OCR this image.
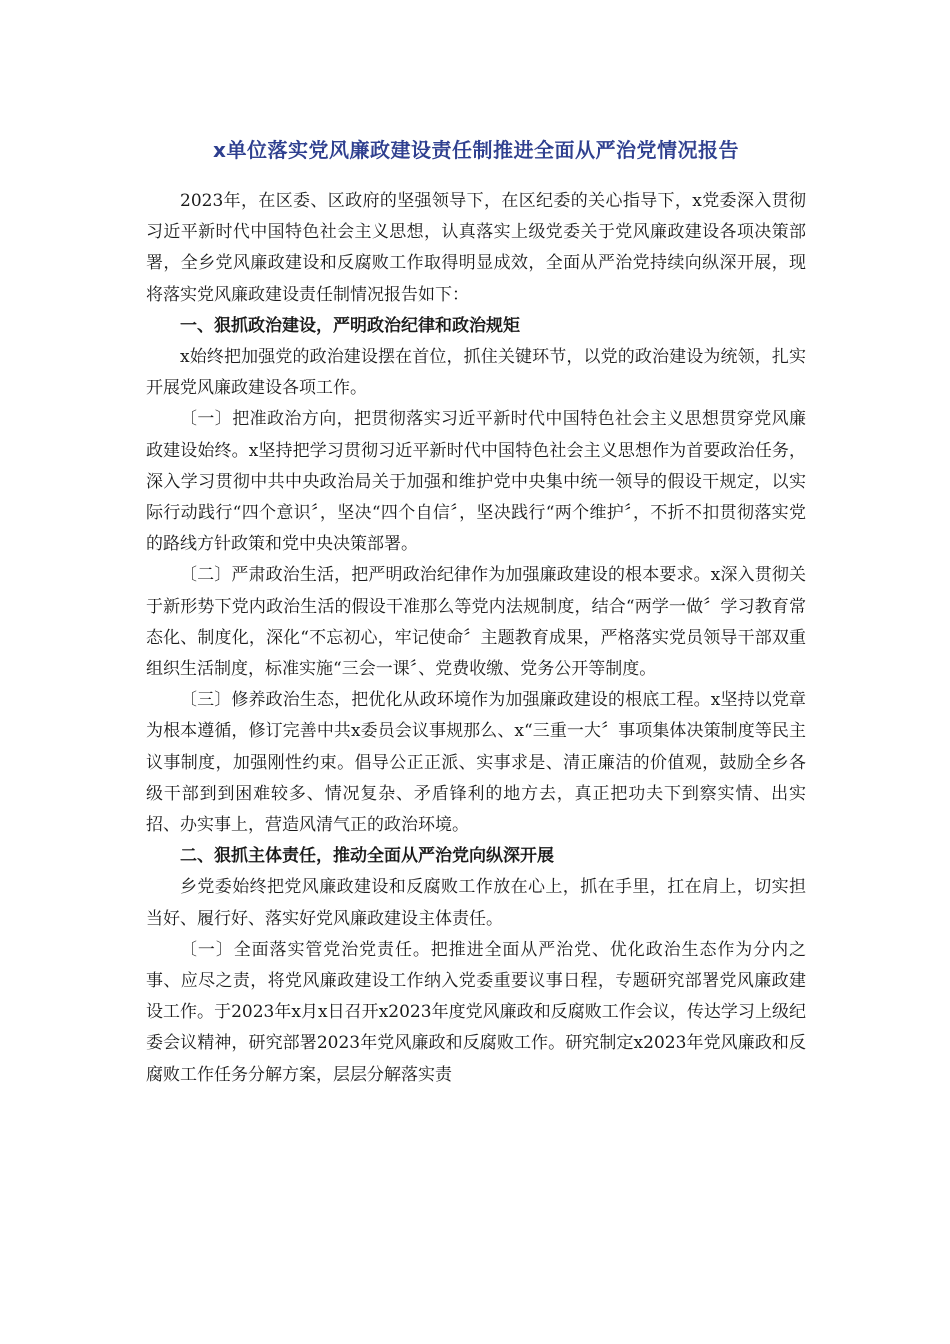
x单位落实党风廉政建设责任制推进全面从严治党情况报告

2023年，在区委、区政府的坚强领导下，在区纪委的关心指导下，x党委深入贯彻习近平新时代中国特色社会主义思想，认真落实上级党委关于党风廉政建设各项决策部署，全乡党风廉政建设和反腐败工作取得明显成效，全面从严治党持续向纵深开展，现将落实党风廉政建设责任制情况报告如下：

一、狠抓政治建设，严明政治纪律和政治规矩

x始终把加强党的政治建设摆在首位，抓住关键环节，以党的政治建设为统领，扎实开展党风廉政建设各项工作。

〔一〕把准政治方向，把贯彻落实习近平新时代中国特色社会主义思想贯穿党风廉政建设始终。x坚持把学习贯彻习近平新时代中国特色社会主义思想作为首要政治任务，深入学习贯彻中共中央政治局关于加强和维护党中央集中统一领导的假设干规定，以实际行动践行“四个意识〞，坚决“四个自信〞，坚决践行“两个维护〞，不折不扣贯彻落实党的路线方针政策和党中央决策部署。

〔二〕严肃政治生活，把严明政治纪律作为加强廉政建设的根本要求。x深入贯彻关于新形势下党内政治生活的假设干准那么等党内法规制度，结合“两学一做〞学习教育常态化、制度化，深化“不忘初心，牢记使命〞主题教育成果，严格落实党员领导干部双重组织生活制度，标准实施“三会一课〞、党费收缴、党务公开等制度。

〔三〕修养政治生态，把优化从政环境作为加强廉政建设的根底工程。x坚持以党章为根本遵循，修订完善中共x委员会议事规那么、x“三重一大〞事项集体决策制度等民主议事制度，加强刚性约束。倡导公正正派、实事求是、清正廉洁的价值观，鼓励全乡各级干部到到困难较多、情况复杂、矛盾锋利的地方去，真正把功夫下到察实情、出实招、办实事上，营造风清气正的政治环境。

二、狠抓主体责任，推动全面从严治党向纵深开展

乡党委始终把党风廉政建设和反腐败工作放在心上，抓在手里，扛在肩上，切实担当好、履行好、落实好党风廉政建设主体责任。

〔一〕全面落实管党治党责任。把推进全面从严治党、优化政治生态作为分内之事、应尽之责，将党风廉政建设工作纳入党委重要议事日程，专题研究部署党风廉政建设工作。于2023年x月x日召开x2023年度党风廉政和反腐败工作会议，传达学习上级纪委会议精神，研究部署2023年党风廉政和反腐败工作。研究制定x2023年党风廉政和反腐败工作任务分解方案，层层分解落实责
